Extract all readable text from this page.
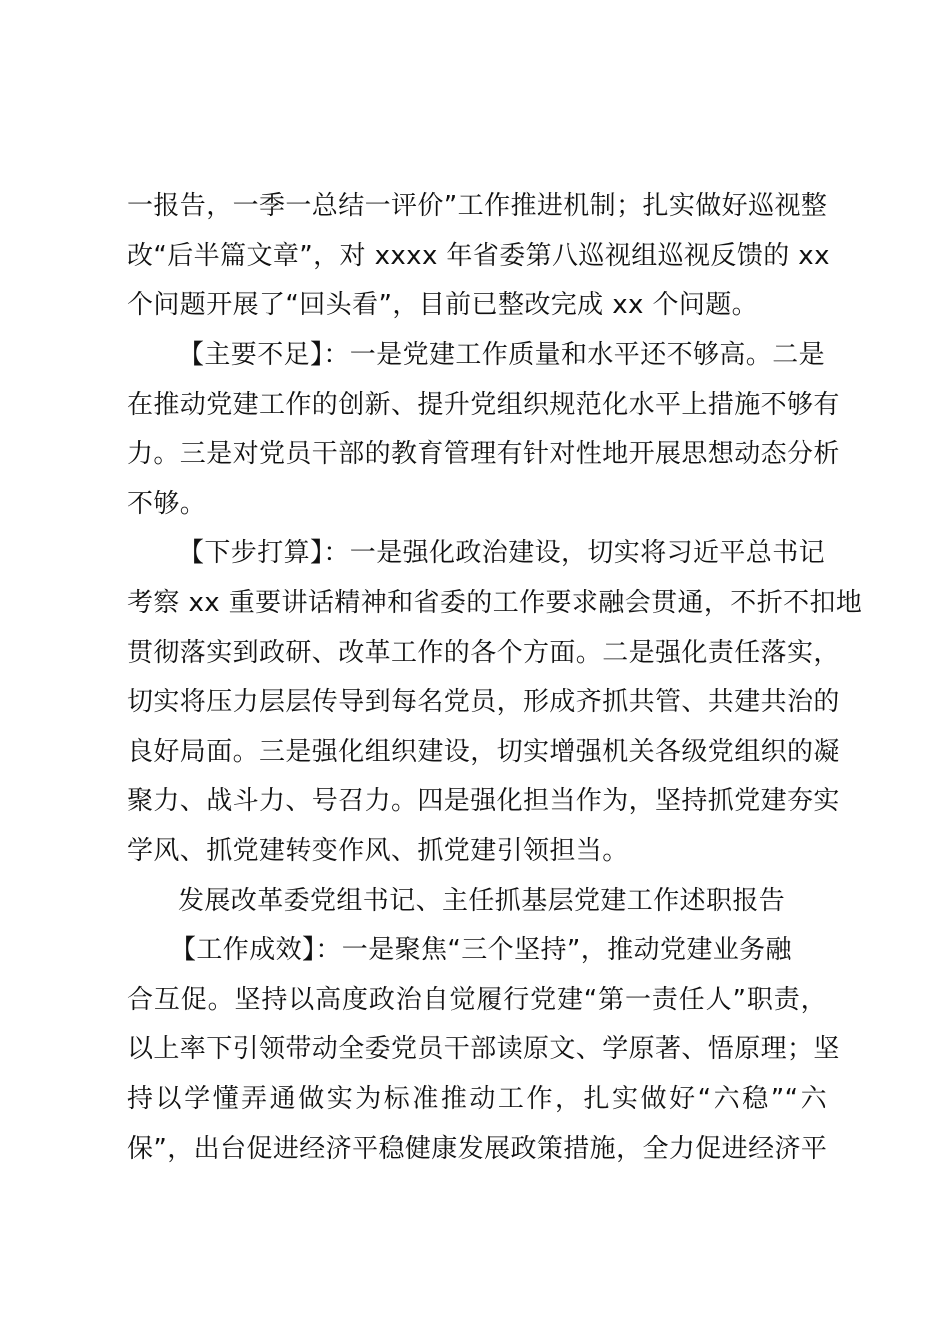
一报告，一季一总结一评价”工作推进机制；扎实做好巡视整
改“后半篇文章”，对 xxxx 年省委第八巡视组巡视反馈的 xx
个问题开展了“回头看”，目前已整改完成 xx 个问题。
【主要不足】：一是党建工作质量和水平还不够高。二是
在推动党建工作的创新、提升党组织规范化水平上措施不够有
力。三是对党员干部的教育管理有针对性地开展思想动态分析
不够。
【下步打算】：一是强化政治建设，切实将习近平总书记
考察 xx 重要讲话精神和省委的工作要求融会贯通，不折不扣地
贯彻落实到政研、改革工作的各个方面。二是强化责任落实，
切实将压力层层传导到每名党员，形成齐抓共管、共建共治的
良好局面。三是强化组织建设，切实增强机关各级党组织的凝
聚力、战斗力、号召力。四是强化担当作为，坚持抓党建夯实
学风、抓党建转变作风、抓党建引领担当。
发展改革委党组书记、主任抓基层党建工作述职报告
【工作成效】：一是聚焦“三个坚持”，推动党建业务融
合互促。坚持以高度政治自觉履行党建“第一责任人”职责，
以上率下引领带动全委党员干部读原文、学原著、悟原理；坚
持以学懂弄通做实为标准推动工作，扎实做好“六稳”“六
保”，出台促进经济平稳健康发展政策措施，全力促进经济平
